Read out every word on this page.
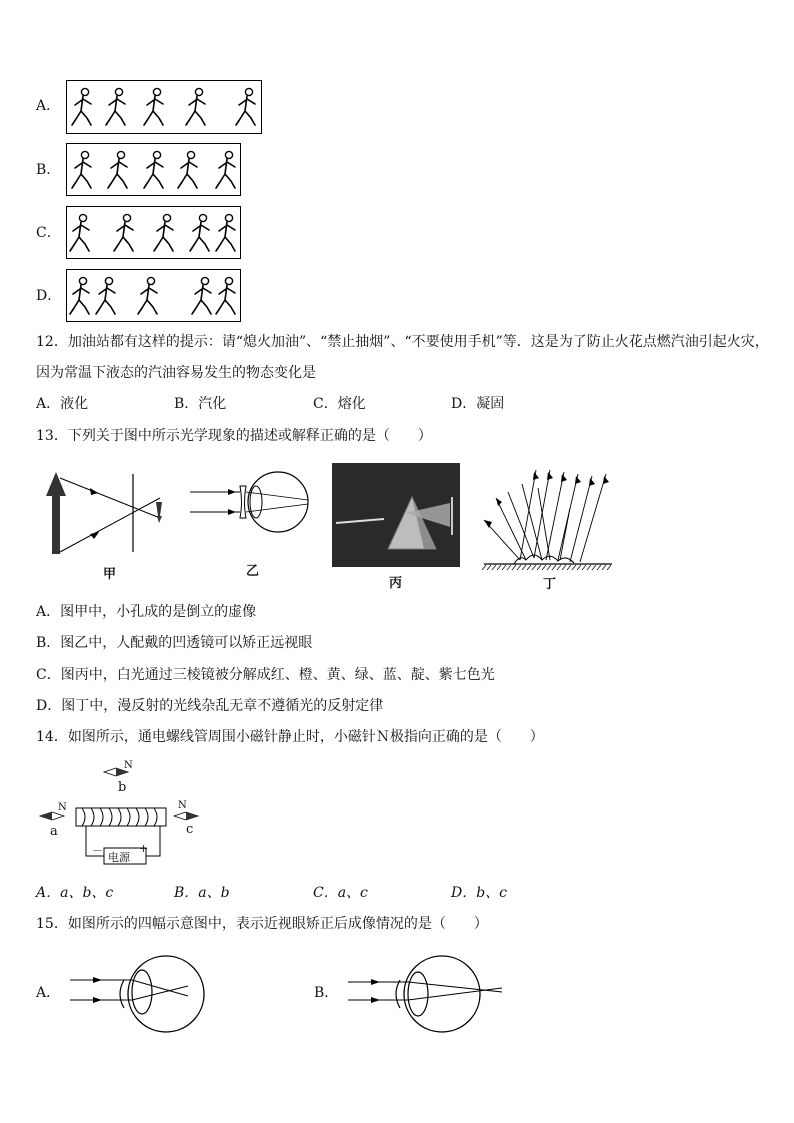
A．
B．
C．
D．
12．加油站都有这样的提示：请“熄火加油”、“禁止抽烟”、“不要使用手机”等．这是为了防止火花点燃汽油引起火灾，
因为常温下液态的汽油容易发生的物态变化是
A．液化	B．汽化	C．熔化	D．凝固
13．下列关于图中所示光学现象的描述或解释正确的是（　　）
甲	乙
丙	丁
A．图甲中，小孔成的是倒立的虚像
B．图乙中，人配戴的凹透镜可以矫正远视眼
C．图丙中，白光通过三棱镜被分解成红、橙、黄、绿、蓝、靛、紫七色光
D．图丁中，漫反射的光线杂乱无章不遵循光的反射定律
14．如图所示，通电螺线管周围小磁针静止时，小磁针Ｎ极指向正确的是（　　）
N
b
N
a
N
c
－	+
电源
A．a、b、c	B．a、b	C．a、c	D．b、c
15．如图所示的四幅示意图中，表示近视眼矫正后成像情况的是（　　）
A．	B．
